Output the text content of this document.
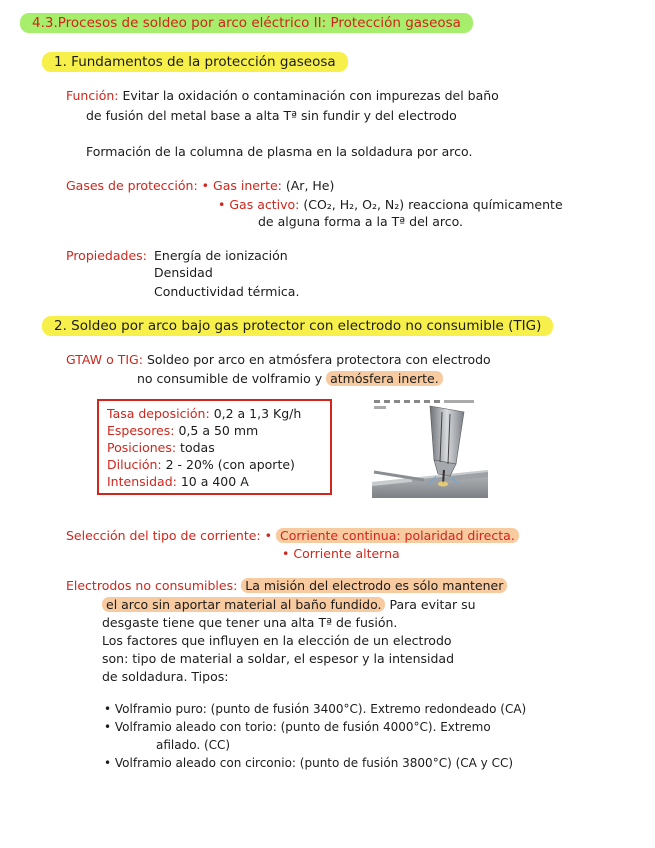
4.3.Procesos de soldeo por arco eléctrico II: Protección gaseosa
1. Fundamentos de la protección gaseosa
Función: Evitar la oxidación o contaminación con impurezas del baño
de fusión del metal base a alta Tª sin fundir y del electrodo
Formación de la columna de plasma en la soldadura por arco.
Gases de protección: • Gas inerte: (Ar, He)
• Gas activo: (CO₂, H₂, O₂, N₂) reacciona químicamente
de alguna forma a la Tª del arco.
Propiedades: Energía de ionización
Densidad
Conductividad térmica.
2. Soldeo por arco bajo gas protector con electrodo no consumible (TIG)
GTAW o TIG: Soldeo por arco en atmósfera protectora con electrodo
no consumible de volframio y atmósfera inerte.
Tasa deposición: 0,2 a 1,3 Kg/h
Espesores: 0,5 a 50 mm
Posiciones: todas
Dilución: 2 - 20% (con aporte)
Intensidad: 10 a 400 A
Selección del tipo de corriente: • Corriente continua: polaridad directa.
• Corriente alterna
Electrodos no consumibles: La misión del electrodo es sólo mantener
el arco sin aportar material al baño fundido. Para evitar su
desgaste tiene que tener una alta Tª de fusión.
Los factores que influyen en la elección de un electrodo
son: tipo de material a soldar, el espesor y la intensidad
de soldadura. Tipos:
• Volframio puro: (punto de fusión 3400°C). Extremo redondeado (CA)
• Volframio aleado con torio: (punto de fusión 4000°C). Extremo
afilado. (CC)
• Volframio aleado con circonio: (punto de fusión 3800°C) (CA y CC)
